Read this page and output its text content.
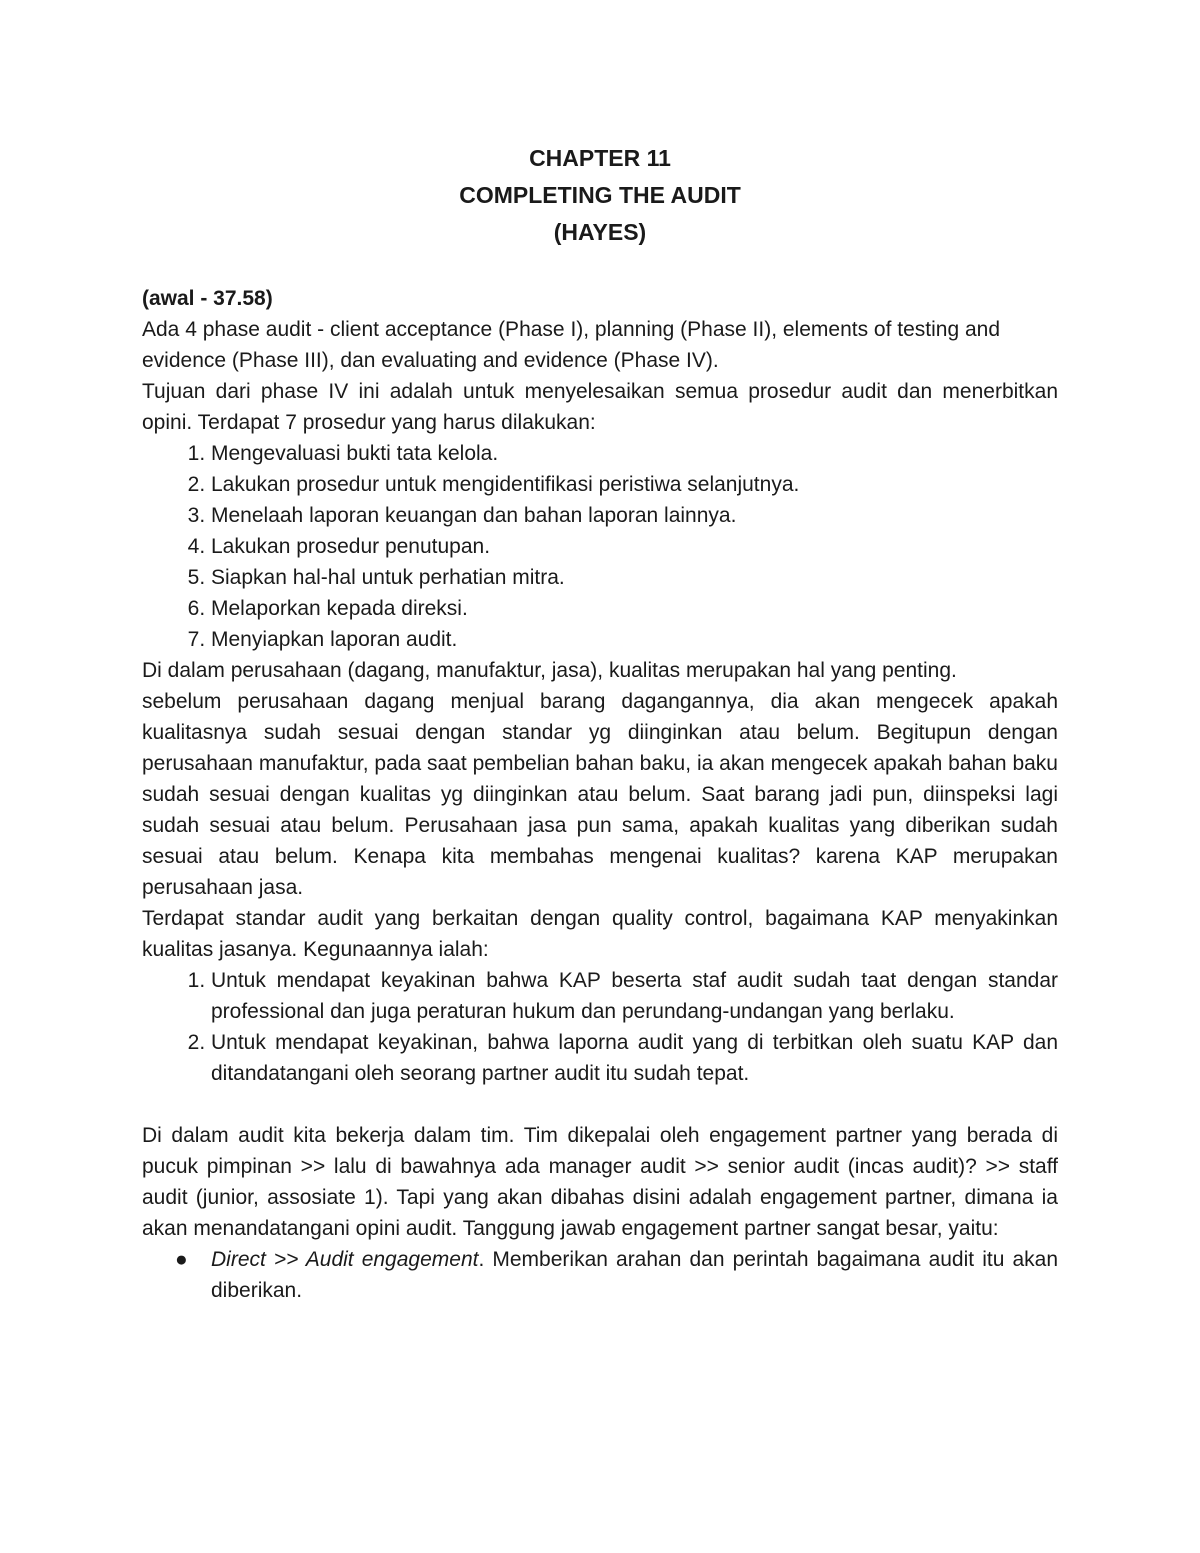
CHAPTER 11
COMPLETING THE AUDIT
(HAYES)

(awal - 37.58)

Ada 4 phase audit - client acceptance (Phase I), planning (Phase II), elements of testing and evidence (Phase III), dan evaluating and evidence (Phase IV).

Tujuan dari phase IV ini adalah untuk menyelesaikan semua prosedur audit dan menerbitkan opini. Terdapat 7 prosedur yang harus dilakukan:

1. Mengevaluasi bukti tata kelola.
2. Lakukan prosedur untuk mengidentifikasi peristiwa selanjutnya.
3. Menelaah laporan keuangan dan bahan laporan lainnya.
4. Lakukan prosedur penutupan.
5. Siapkan hal-hal untuk perhatian mitra.
6. Melaporkan kepada direksi.
7. Menyiapkan laporan audit.

Di dalam perusahaan (dagang, manufaktur, jasa), kualitas merupakan hal yang penting.

sebelum perusahaan dagang menjual barang dagangannya, dia akan mengecek apakah kualitasnya sudah sesuai dengan standar yg diinginkan atau belum. Begitupun dengan perusahaan manufaktur, pada saat pembelian bahan baku, ia akan mengecek apakah bahan baku sudah sesuai dengan kualitas yg diinginkan atau belum. Saat barang jadi pun, diinspeksi lagi sudah sesuai atau belum. Perusahaan jasa pun sama, apakah kualitas yang diberikan sudah sesuai atau belum. Kenapa kita membahas mengenai kualitas? karena KAP merupakan perusahaan jasa.

Terdapat standar audit yang berkaitan dengan quality control, bagaimana KAP menyakinkan kualitas jasanya. Kegunaannya ialah:

1. Untuk mendapat keyakinan bahwa KAP beserta staf audit sudah taat dengan standar professional dan juga peraturan hukum dan perundang-undangan yang berlaku.
2. Untuk mendapat keyakinan, bahwa laporna audit yang di terbitkan oleh suatu KAP dan ditandatangani oleh seorang partner audit itu sudah tepat.

Di dalam audit kita bekerja dalam tim. Tim dikepalai oleh engagement partner yang berada di pucuk pimpinan >> lalu di bawahnya ada manager audit >> senior audit (incas audit)? >> staff audit (junior, assosiate 1). Tapi yang akan dibahas disini adalah engagement partner, dimana ia akan menandatangani opini audit. Tanggung jawab engagement partner sangat besar, yaitu:

● Direct >> Audit engagement. Memberikan arahan dan perintah bagaimana audit itu akan diberikan.
